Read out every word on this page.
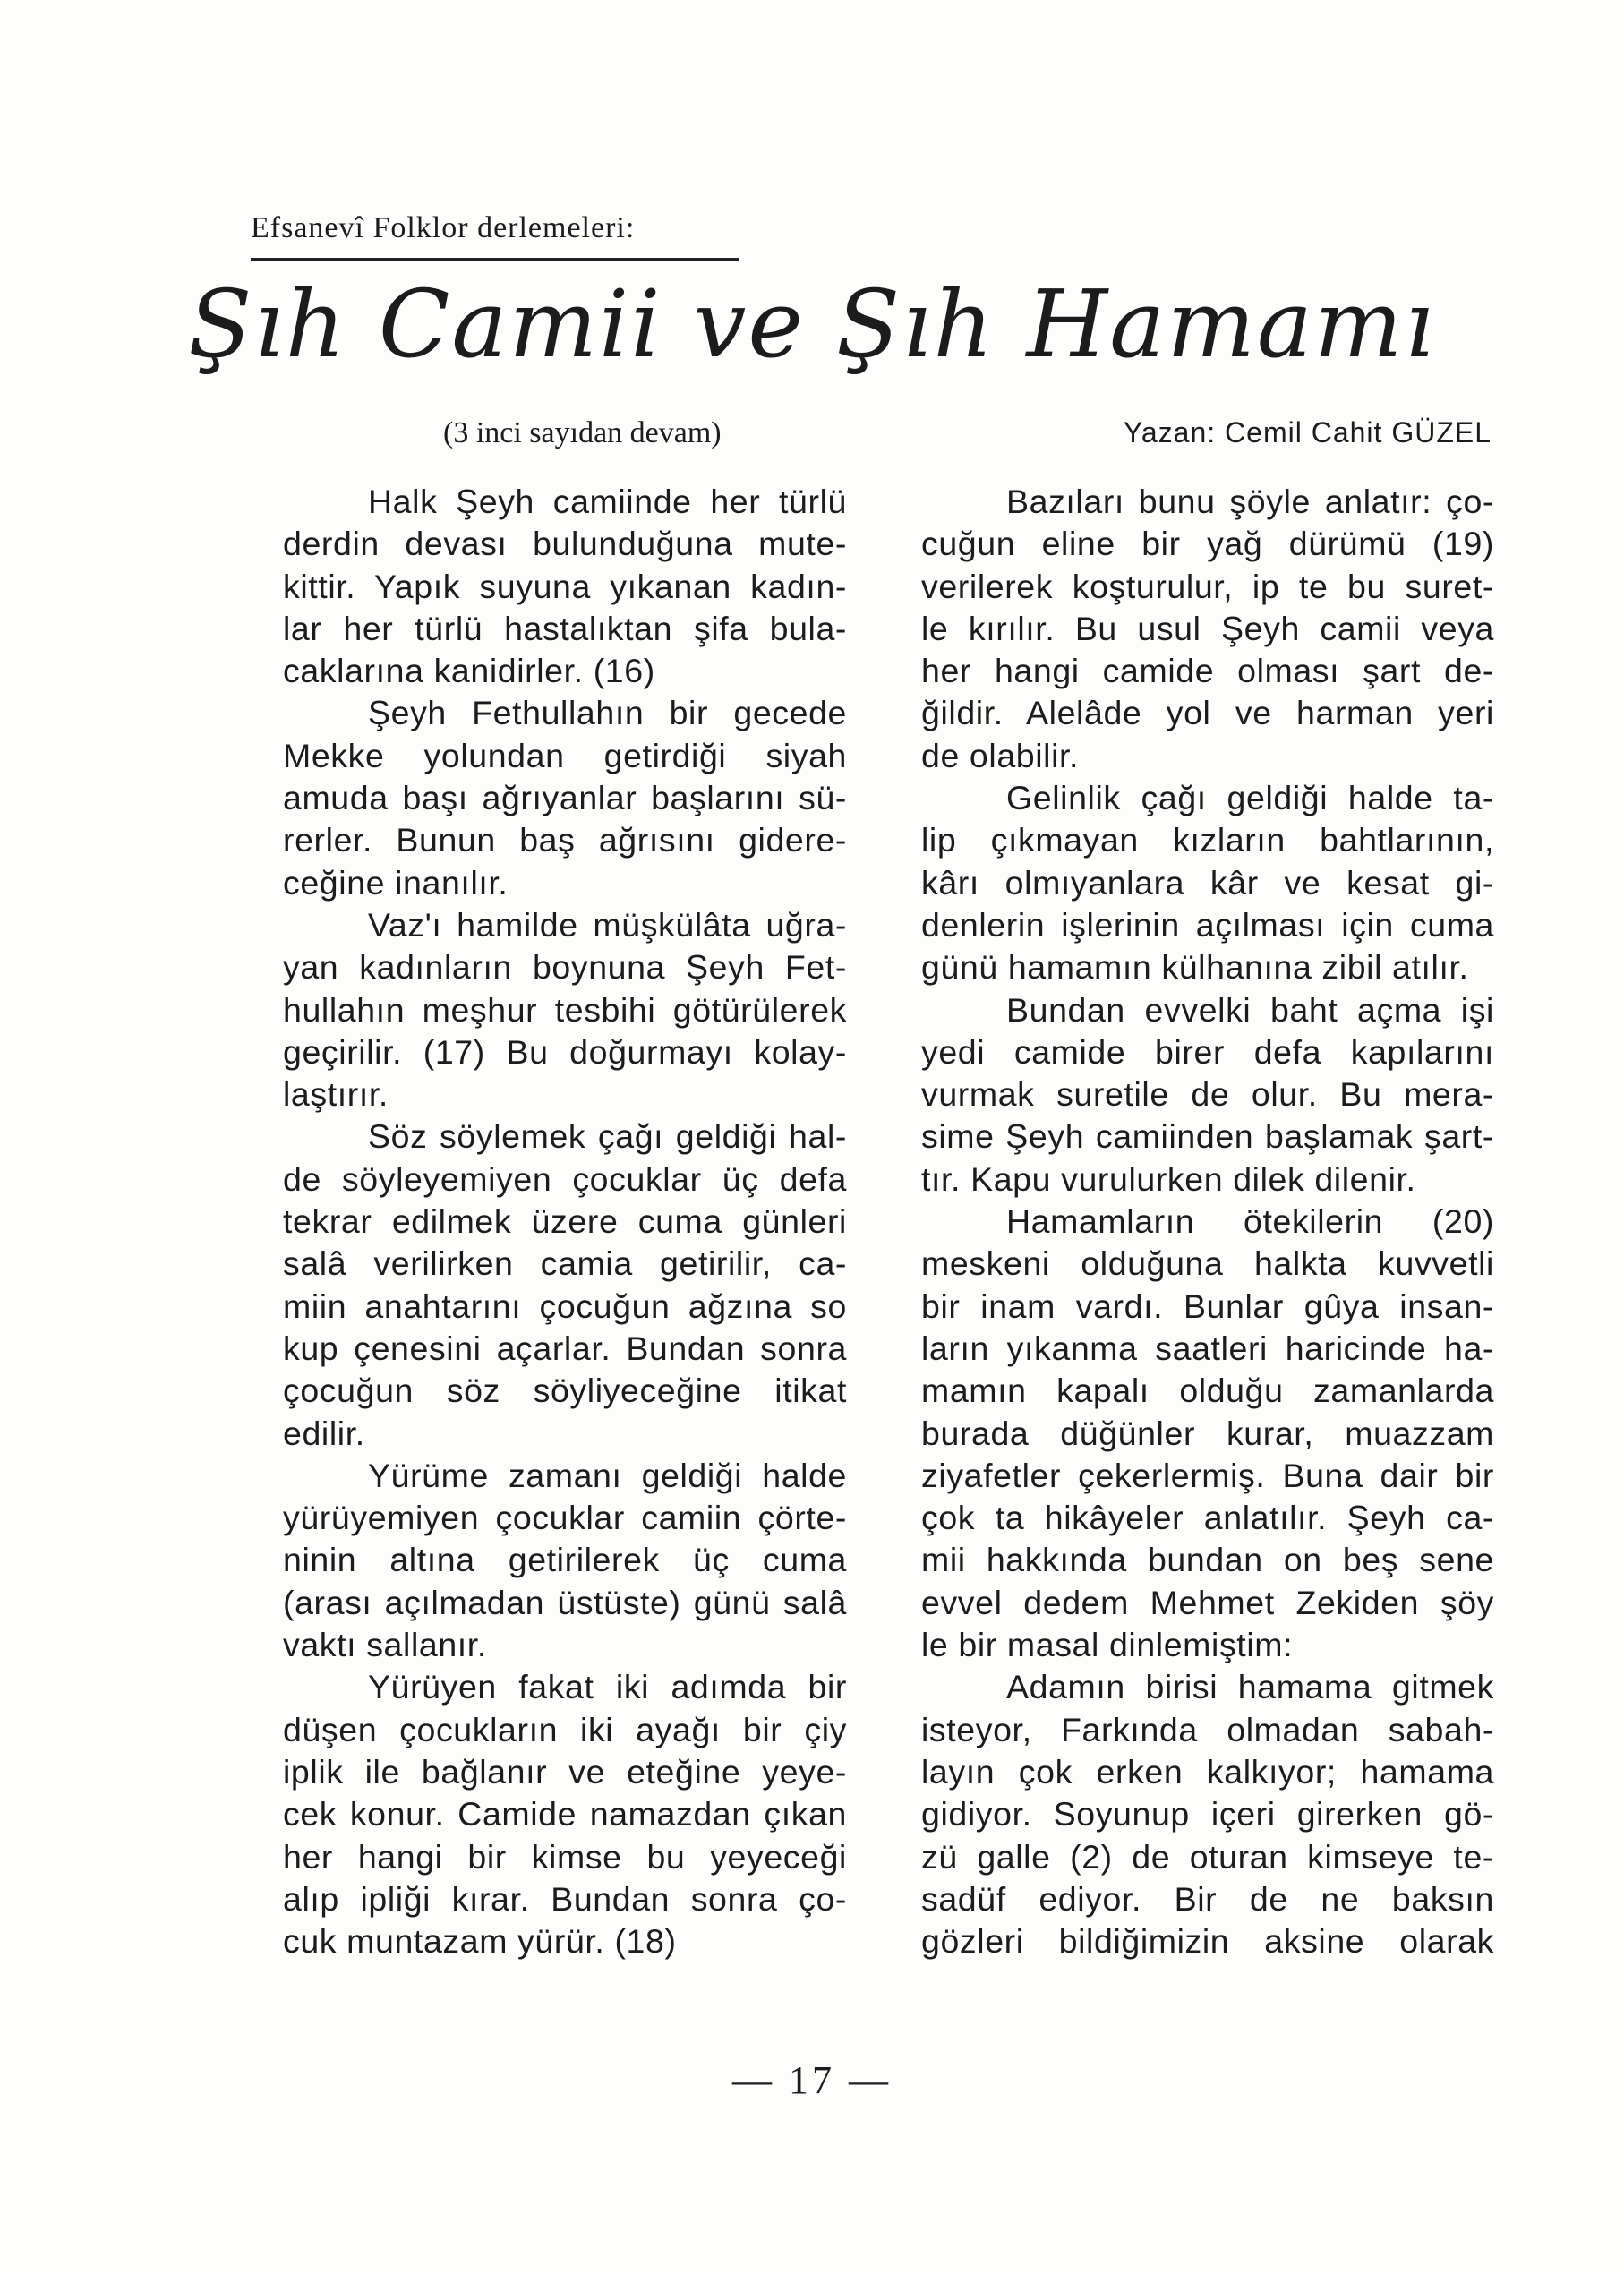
Efsanevî Folklor derlemeleri:
Şıh Camii ve Şıh Hamamı
(3 inci sayıdan devam)	Yazan: Cemil Cahit GÜZEL

Halk Şeyh camiinde her türlü

derdin devası bulunduğuna mute-

kittir. Yapık suyuna yıkanan kadın-

lar her türlü hastalıktan şifa bula-

caklarına kanidirler. (16)

Şeyh Fethullahın bir gecede

Mekke yolundan getirdiği siyah

amuda başı ağrıyanlar başlarını sü-

rerler. Bunun baş ağrısını gidere-

ceğine inanılır.

Vaz'ı hamilde müşkülâta uğra-

yan kadınların boynuna Şeyh Fet-

hullahın meşhur tesbihi götürülerek

geçirilir. (17) Bu doğurmayı kolay-

laştırır.

Söz söylemek çağı geldiği hal-

de söyleyemiyen çocuklar üç defa

tekrar edilmek üzere cuma günleri

salâ verilirken camia getirilir, ca-

miin anahtarını çocuğun ağzına so

kup çenesini açarlar. Bundan sonra

çocuğun söz söyliyeceğine itikat

edilir.

Yürüme zamanı geldiği halde

yürüyemiyen çocuklar camiin çörte-

ninin altına getirilerek üç cuma

(arası açılmadan üstüste) günü salâ

vaktı sallanır.

Yürüyen fakat iki adımda bir

düşen çocukların iki ayağı bir çiy

iplik ile bağlanır ve eteğine yeye-

cek konur. Camide namazdan çıkan

her hangi bir kimse bu yeyeceği

alıp ipliği kırar. Bundan sonra ço-

cuk muntazam yürür. (18)

Bazıları bunu şöyle anlatır: ço-

cuğun eline bir yağ dürümü (19)

verilerek koşturulur, ip te bu suret-

le kırılır. Bu usul Şeyh camii veya

her hangi camide olması şart de-

ğildir. Alelâde yol ve harman yeri

de olabilir.

Gelinlik çağı geldiği halde ta-

lip çıkmayan kızların bahtlarının,

kârı olmıyanlara kâr ve kesat gi-

denlerin işlerinin açılması için cuma

günü hamamın külhanına zibil atılır.

Bundan evvelki baht açma işi

yedi camide birer defa kapılarını

vurmak suretile de olur. Bu mera-

sime Şeyh camiinden başlamak şart-

tır. Kapu vurulurken dilek dilenir.

Hamamların ötekilerin (20)

meskeni olduğuna halkta kuvvetli

bir inam vardı. Bunlar gûya insan-

ların yıkanma saatleri haricinde ha-

mamın kapalı olduğu zamanlarda

burada düğünler kurar, muazzam

ziyafetler çekerlermiş. Buna dair bir

çok ta hikâyeler anlatılır. Şeyh ca-

mii hakkında bundan on beş sene

evvel dedem Mehmet Zekiden şöy

le bir masal dinlemiştim:

Adamın birisi hamama gitmek

isteyor, Farkında olmadan sabah-

layın çok erken kalkıyor; hamama

gidiyor. Soyunup içeri girerken gö-

zü galle (2) de oturan kimseye te-

sadüf ediyor. Bir de ne baksın

gözleri bildiğimizin aksine olarak

— 17 —
